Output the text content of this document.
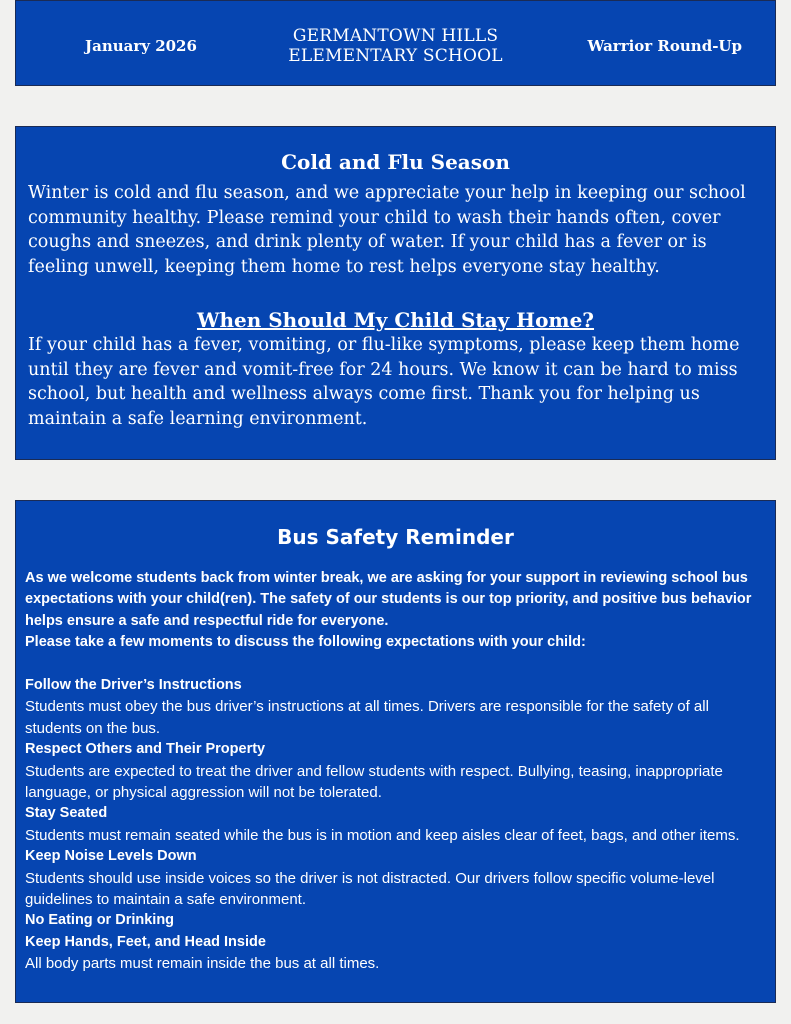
January 2026	GERMANTOWN HILLS
ELEMENTARY SCHOOL	Warrior Round-Up
Cold and Flu Season

Winter is cold and flu season, and we appreciate your help in keeping our school community healthy. Please remind your child to wash their hands often, cover coughs and sneezes, and drink plenty of water. If your child has a fever or is feeling unwell, keeping them home to rest helps everyone stay healthy.

When Should My Child Stay Home?

If your child has a fever, vomiting, or flu-like symptoms, please keep them home until they are fever and vomit-free for 24 hours. We know it can be hard to miss school, but health and wellness always come first. Thank you for helping us maintain a safe learning environment.

Bus Safety Reminder

As we welcome students back from winter break, we are asking for your support in reviewing school bus expectations with your child(ren). The safety of our students is our top priority, and positive bus behavior helps ensure a safe and respectful ride for everyone.

Please take a few moments to discuss the following expectations with your child:

Follow the Driver’s Instructions

Students must obey the bus driver’s instructions at all times. Drivers are responsible for the safety of all students on the bus.

Respect Others and Their Property

Students are expected to treat the driver and fellow students with respect. Bullying, teasing, inappropriate language, or physical aggression will not be tolerated.

Stay Seated

Students must remain seated while the bus is in motion and keep aisles clear of feet, bags, and other items.

Keep Noise Levels Down

Students should use inside voices so the driver is not distracted. Our drivers follow specific volume-level guidelines to maintain a safe environment.

No Eating or Drinking

Keep Hands, Feet, and Head Inside

All body parts must remain inside the bus at all times.
